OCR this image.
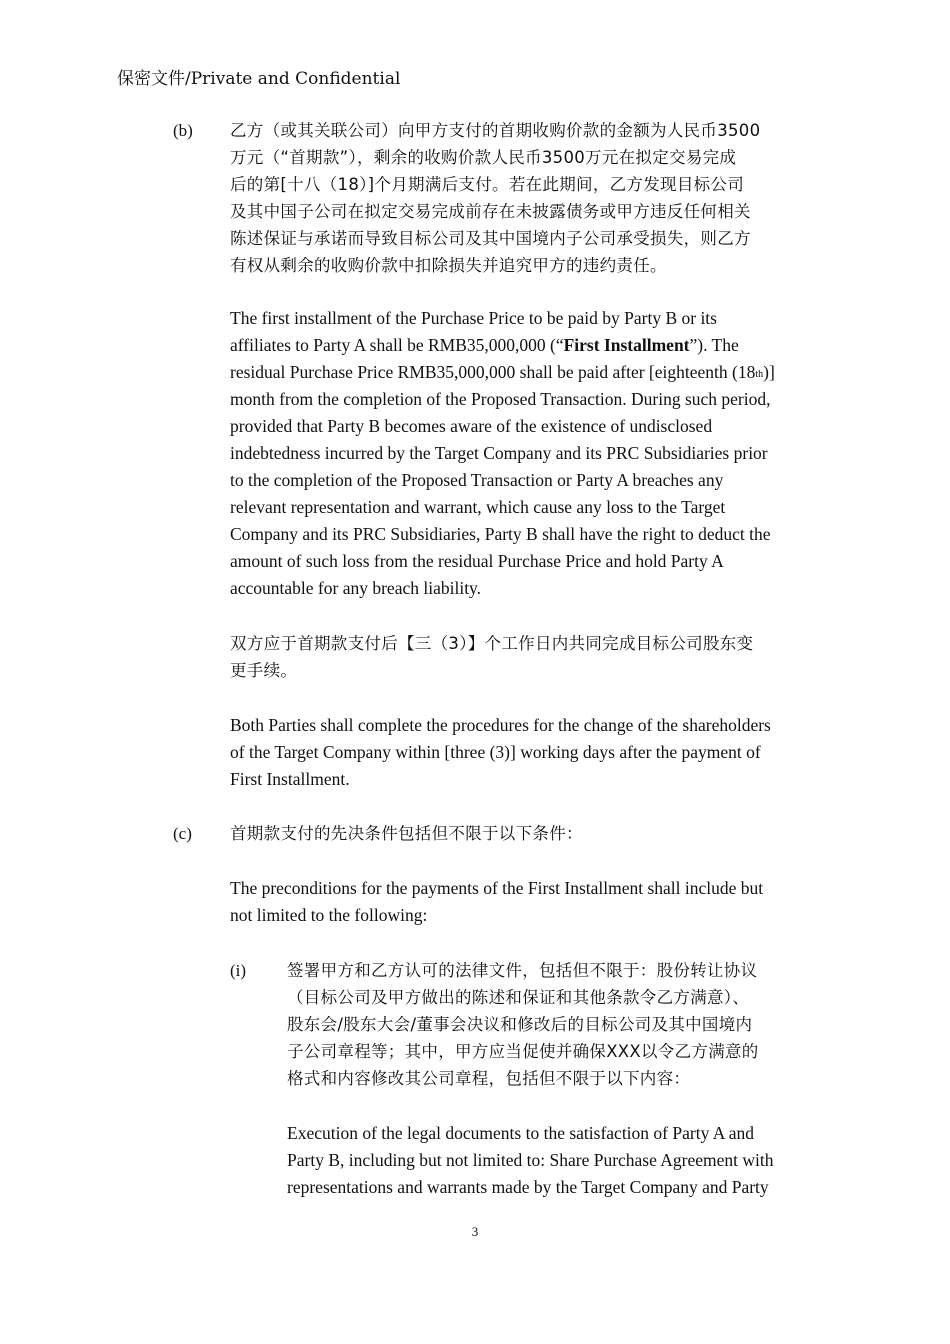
保密文件/Private and Confidential
(b) 乙方（或其关联公司）向甲方支付的首期收购价款的金额为人民币3500
万元（“首期款”），剩余的收购价款人民币3500万元在拟定交易完成
后的第[十八（18）]个月期满后支付。若在此期间，乙方发现目标公司
及其中国子公司在拟定交易完成前存在未披露债务或甲方违反任何相关
陈述保证与承诺而导致目标公司及其中国境内子公司承受损失，则乙方
有权从剩余的收购价款中扣除损失并追究甲方的违约责任。
The first installment of the Purchase Price to be paid by Party B or its
affiliates to Party A shall be RMB35,000,000 (“First Installment”). The
residual Purchase Price RMB35,000,000 shall be paid after [eighteenth (18th)]
month from the completion of the Proposed Transaction. During such period,
provided that Party B becomes aware of the existence of undisclosed
indebtedness incurred by the Target Company and its PRC Subsidiaries prior
to the completion of the Proposed Transaction or Party A breaches any
relevant representation and warrant, which cause any loss to the Target
Company and its PRC Subsidiaries, Party B shall have the right to deduct the
amount of such loss from the residual Purchase Price and hold Party A
accountable for any breach liability.
双方应于首期款支付后【三（3）】个工作日内共同完成目标公司股东变
更手续。
Both Parties shall complete the procedures for the change of the shareholders
of the Target Company within [three (3)] working days after the payment of
First Installment.
(c) 首期款支付的先决条件包括但不限于以下条件：
The preconditions for the payments of the First Installment shall include but
not limited to the following:
(i) 签署甲方和乙方认可的法律文件，包括但不限于：股份转让协议
（目标公司及甲方做出的陈述和保证和其他条款令乙方满意）、
股东会/股东大会/董事会决议和修改后的目标公司及其中国境内
子公司章程等；其中，甲方应当促使并确保XXX以令乙方满意的
格式和内容修改其公司章程，包括但不限于以下内容：
Execution of the legal documents to the satisfaction of Party A and
Party B, including but not limited to: Share Purchase Agreement with
representations and warrants made by the Target Company and Party
3
